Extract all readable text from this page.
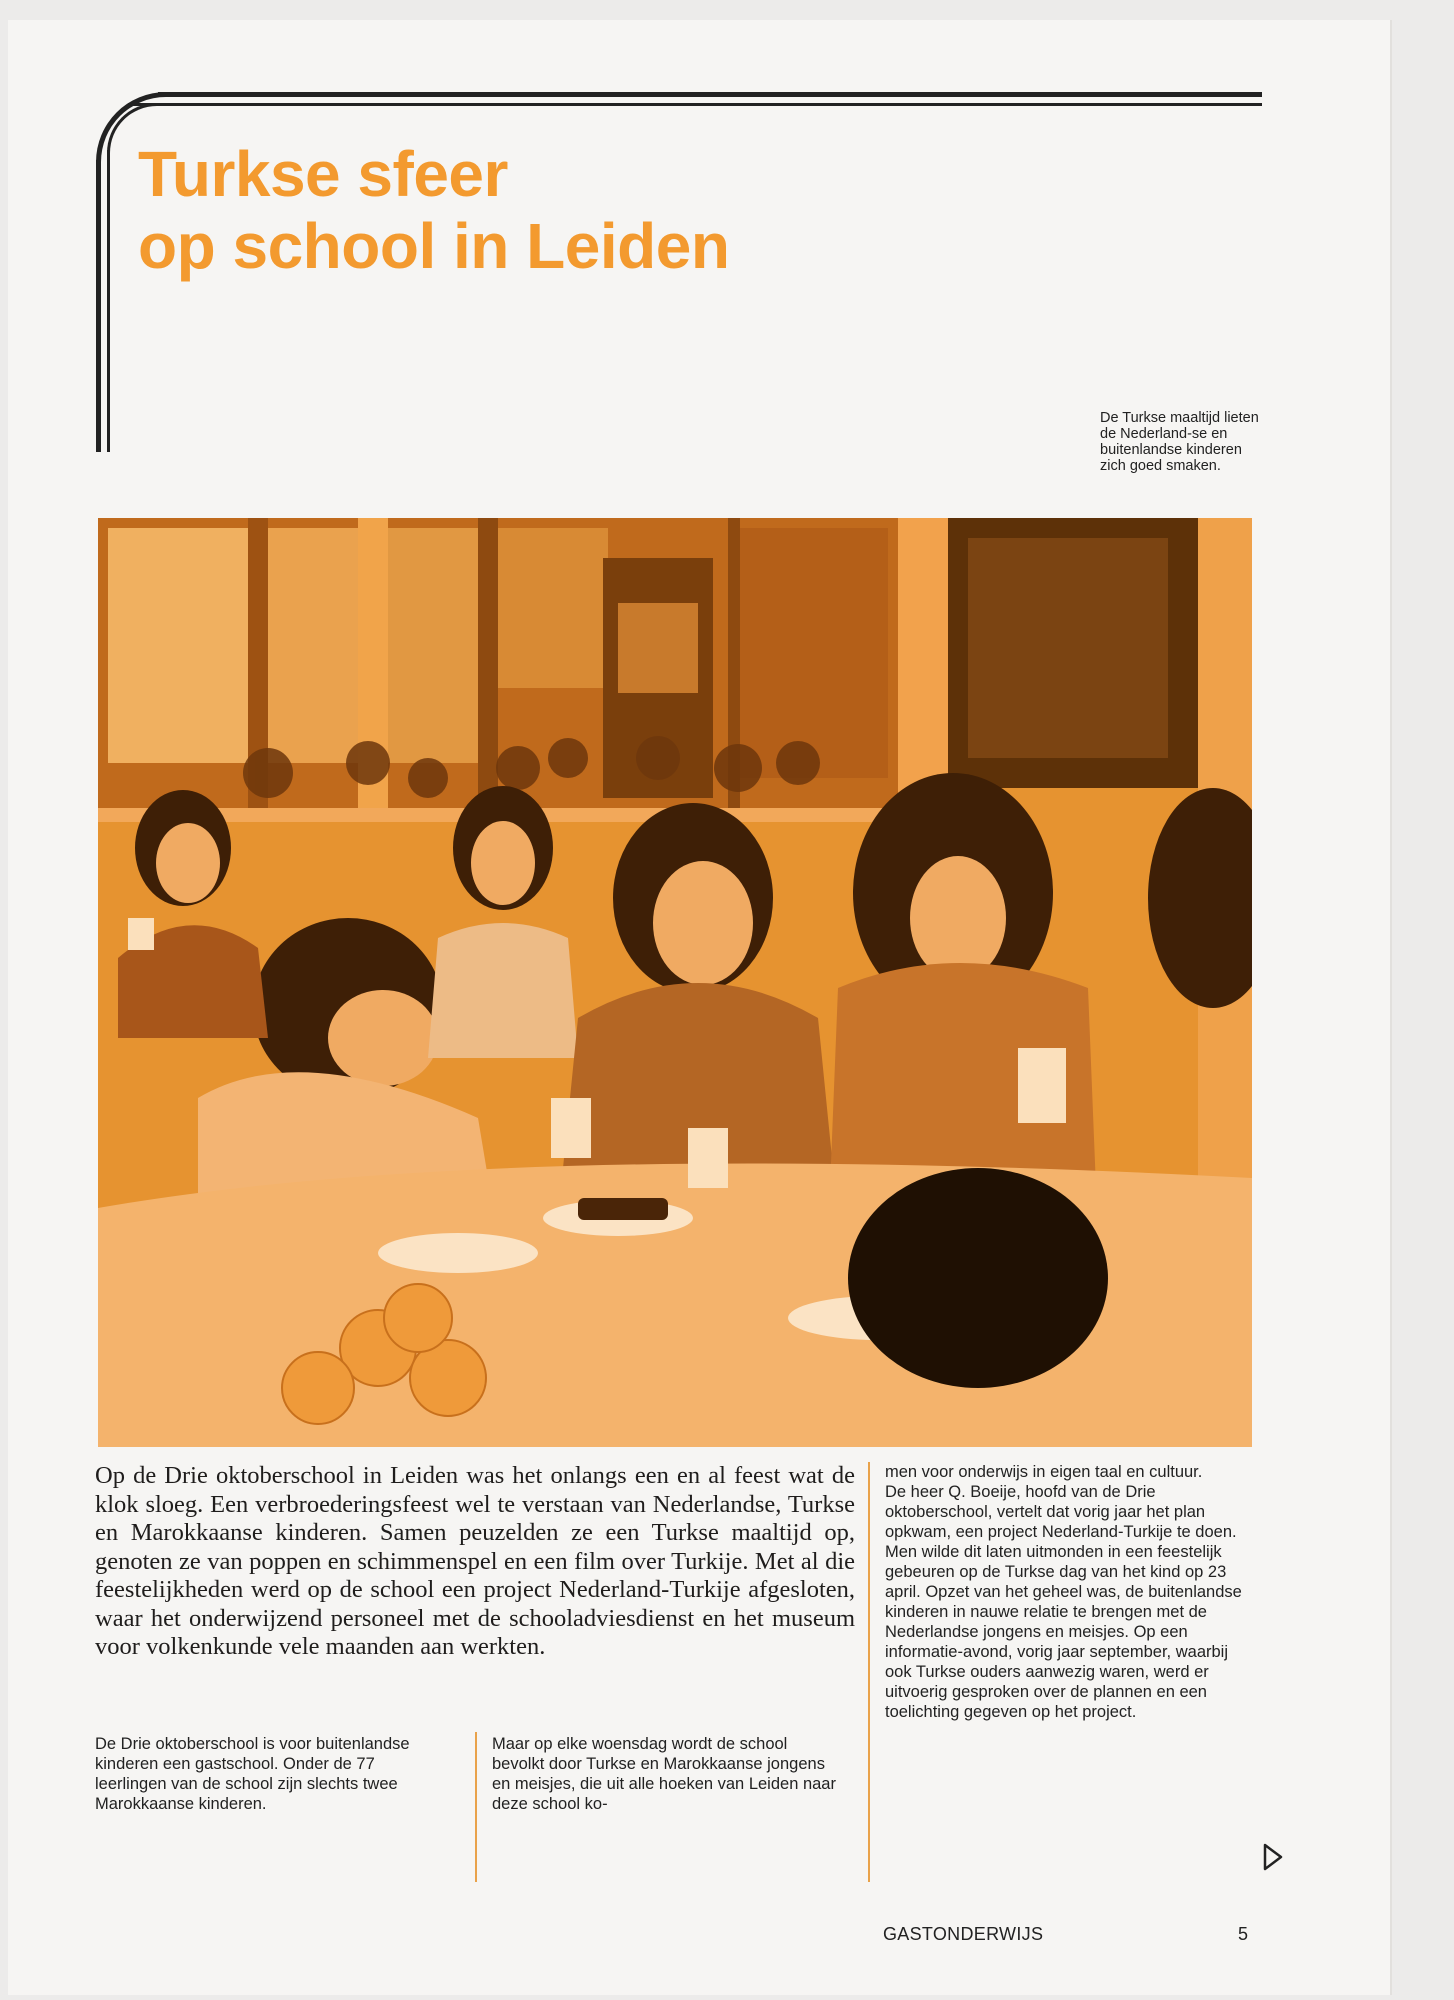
Turkse sfeer
op school in Leiden
De Turkse maaltijd lieten de Nederland-se en buitenlandse kinderen zich goed smaken.
Op de Drie oktoberschool in Leiden was het onlangs een en al feest wat de klok sloeg. Een verbroederingsfeest wel te verstaan van Nederlandse, Turkse en Marokkaanse kinderen. Samen peuzelden ze een Turkse maaltijd op, genoten ze van poppen en schimmenspel en een film over Turkije. Met al die feestelijkheden werd op de school een project Nederland-Turkije afgesloten, waar het onderwijzend personeel met de schooladviesdienst en het museum voor volkenkunde vele maanden aan werkten.
De Drie oktoberschool is voor buitenlandse kinderen een gastschool. Onder de 77 leerlingen van de school zijn slechts twee Marokkaanse kinderen.
Maar op elke woensdag wordt de school bevolkt door Turkse en Marokkaanse jongens en meisjes, die uit alle hoeken van Leiden naar deze school ko-
men voor onderwijs in eigen taal en cultuur.
De heer Q. Boeije, hoofd van de Drie oktoberschool, vertelt dat vorig jaar het plan opkwam, een project Nederland-Turkije te doen. Men wilde dit laten uitmonden in een feestelijk gebeuren op de Turkse dag van het kind op 23 april. Opzet van het geheel was, de buitenlandse kinderen in nauwe relatie te brengen met de Nederlandse jongens en meisjes. Op een informatie-avond, vorig jaar september, waarbij ook Turkse ouders aanwezig waren, werd er uitvoerig gesproken over de plannen en een toelichting gegeven op het project.
GASTONDERWIJS	5
